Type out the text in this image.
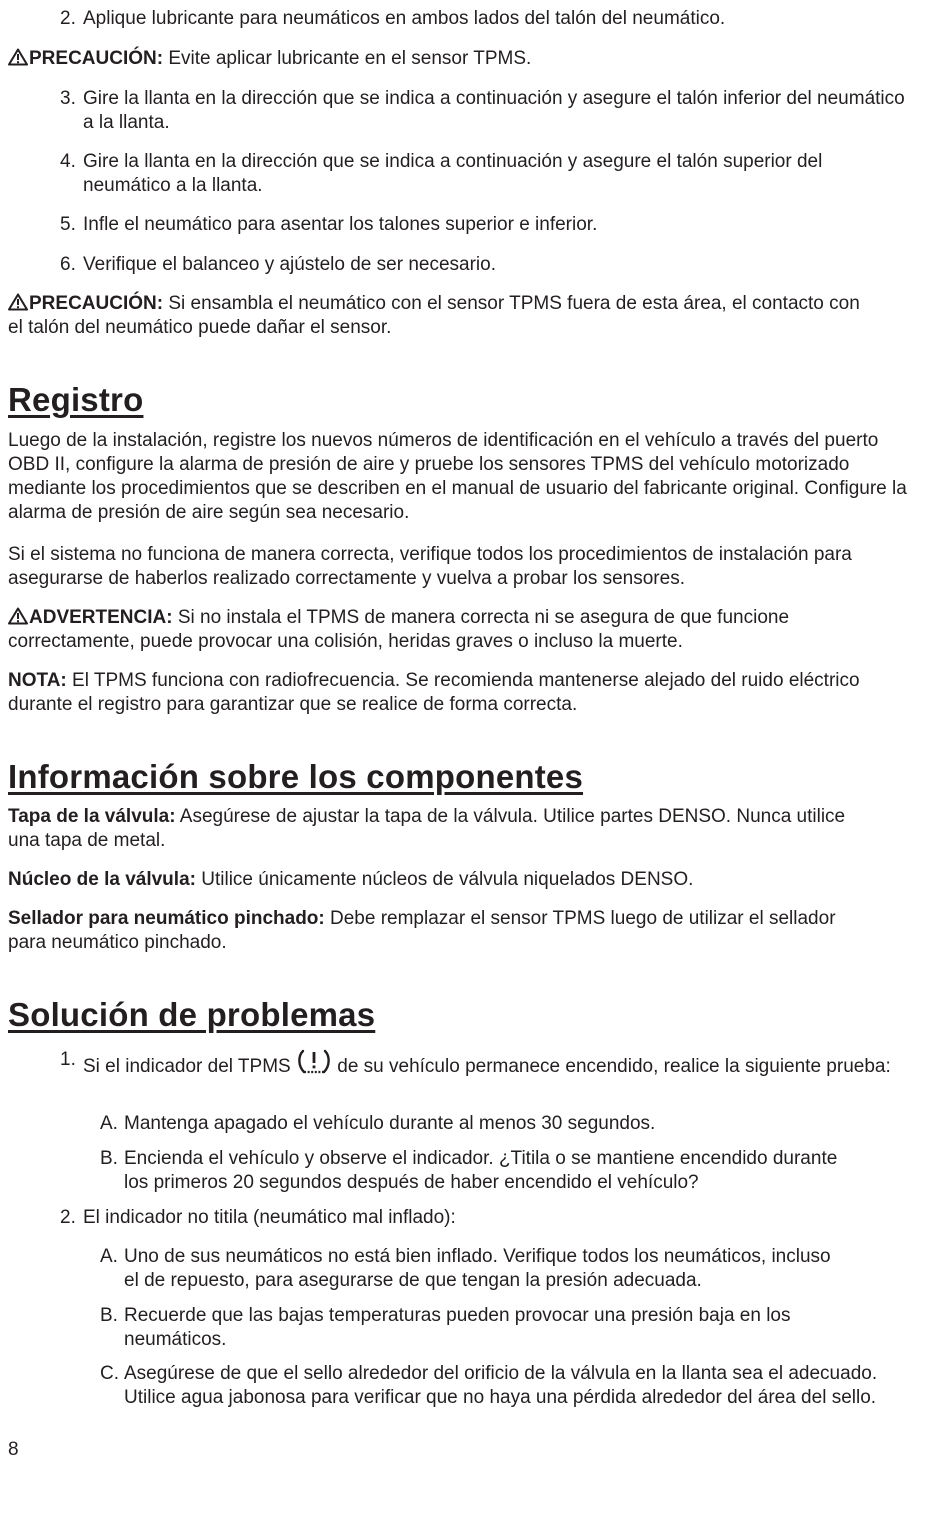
2. Aplique lubricante para neumáticos en ambos lados del talón del neumático.
PRECAUCIÓN: Evite aplicar lubricante en el sensor TPMS.
3. Gire la llanta en la dirección que se indica a continuación y asegure el talón inferior del neumático a la llanta.
4. Gire la llanta en la dirección que se indica a continuación y asegure el talón superior del neumático a la llanta.
5. Infle el neumático para asentar los talones superior e inferior.
6. Verifique el balanceo y ajústelo de ser necesario.
PRECAUCIÓN: Si ensambla el neumático con el sensor TPMS fuera de esta área, el contacto con el talón del neumático puede dañar el sensor.
Registro
Luego de la instalación, registre los nuevos números de identificación en el vehículo a través del puerto OBD II, configure la alarma de presión de aire y pruebe los sensores TPMS del vehículo motorizado mediante los procedimientos que se describen en el manual de usuario del fabricante original. Configure la alarma de presión de aire según sea necesario.
Si el sistema no funciona de manera correcta, verifique todos los procedimientos de instalación para asegurarse de haberlos realizado correctamente y vuelva a probar los sensores.
ADVERTENCIA: Si no instala el TPMS de manera correcta ni se asegura de que funcione correctamente, puede provocar una colisión, heridas graves o incluso la muerte.
NOTA: El TPMS funciona con radiofrecuencia. Se recomienda mantenerse alejado del ruido eléctrico durante el registro para garantizar que se realice de forma correcta.
Información sobre los componentes
Tapa de la válvula: Asegúrese de ajustar la tapa de la válvula. Utilice partes DENSO. Nunca utilice una tapa de metal.
Núcleo de la válvula: Utilice únicamente núcleos de válvula niquelados DENSO.
Sellador para neumático pinchado: Debe remplazar el sensor TPMS luego de utilizar el sellador para neumático pinchado.
Solución de problemas
1. Si el indicador del TPMS  de su vehículo permanece encendido, realice la siguiente prueba:
A. Mantenga apagado el vehículo durante al menos 30 segundos.
B. Encienda el vehículo y observe el indicador. ¿Titila o se mantiene encendido durante los primeros 20 segundos después de haber encendido el vehículo?
2. El indicador no titila (neumático mal inflado):
A. Uno de sus neumáticos no está bien inflado. Verifique todos los neumáticos, incluso el de repuesto, para asegurarse de que tengan la presión adecuada.
B. Recuerde que las bajas temperaturas pueden provocar una presión baja en los neumáticos.
C. Asegúrese de que el sello alrededor del orificio de la válvula en la llanta sea el adecuado. Utilice agua jabonosa para verificar que no haya una pérdida alrededor del área del sello.
8
